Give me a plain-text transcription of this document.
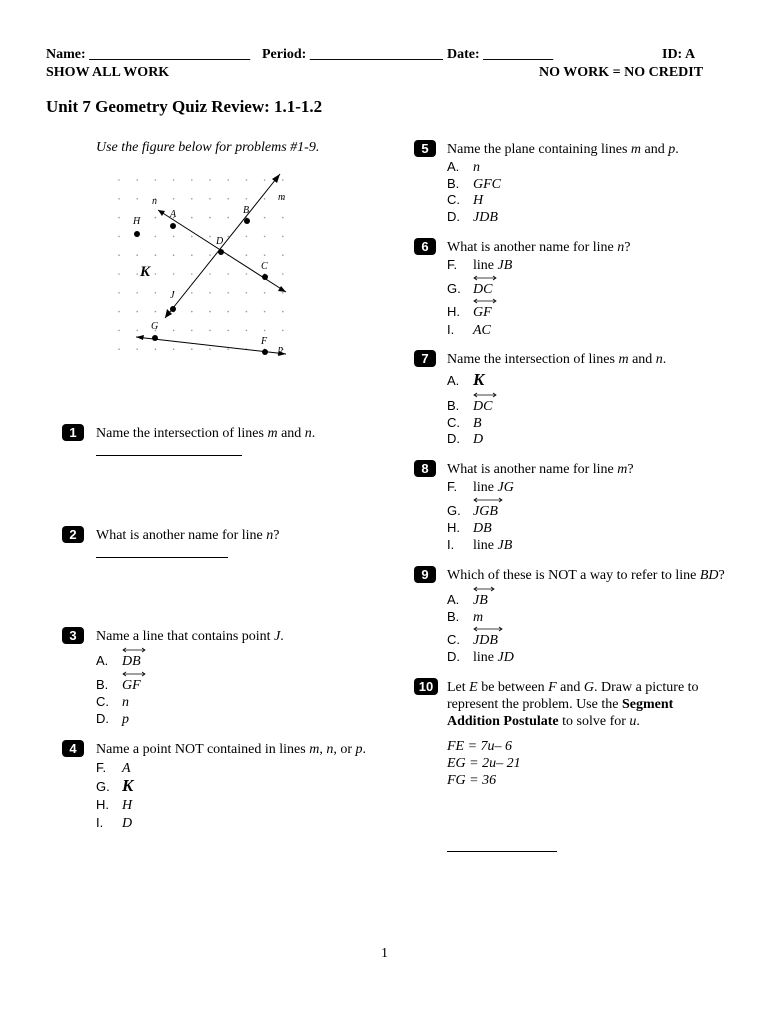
Name: _______________________ Period: ___________________ Date: __________	ID: A
SHOW ALL WORK	NO WORK = NO CREDIT
Unit 7 Geometry Quiz Review: 1.1-1.2
Use the figure below for problems #1-9.
n	m
A	B
H
D
C
J
G
F
p
K
1	Name the intersection of lines m and n.
2	What is another name for line n?
3	Name a line that contains point J.
A. DB
B. GF
C. n
D. p
4	Name a point NOT contained in lines m, n, or p.
F. A
G. K
H. H
I. D
5	Name the plane containing lines m and p.
A. n
B. GFC
C. H
D. JDB
6	What is another name for line n?
F. line JB
G. DC
H. GF
I. AC
7	Name the intersection of lines m and n.
A. K
B. DC
C. B
D. D
8	What is another name for line m?
F. line JG
G. JGB
H. DB
I. line JB
9	Which of these is NOT a way to refer to line BD?
A. JB
B. m
C. JDB
D. line JD
10 Let E be between F and G. Draw a picture to
represent the problem. Use the Segment
Addition Postulate to solve for u.
FE = 7u– 6
EG = 2u– 21
FG = 36
1
